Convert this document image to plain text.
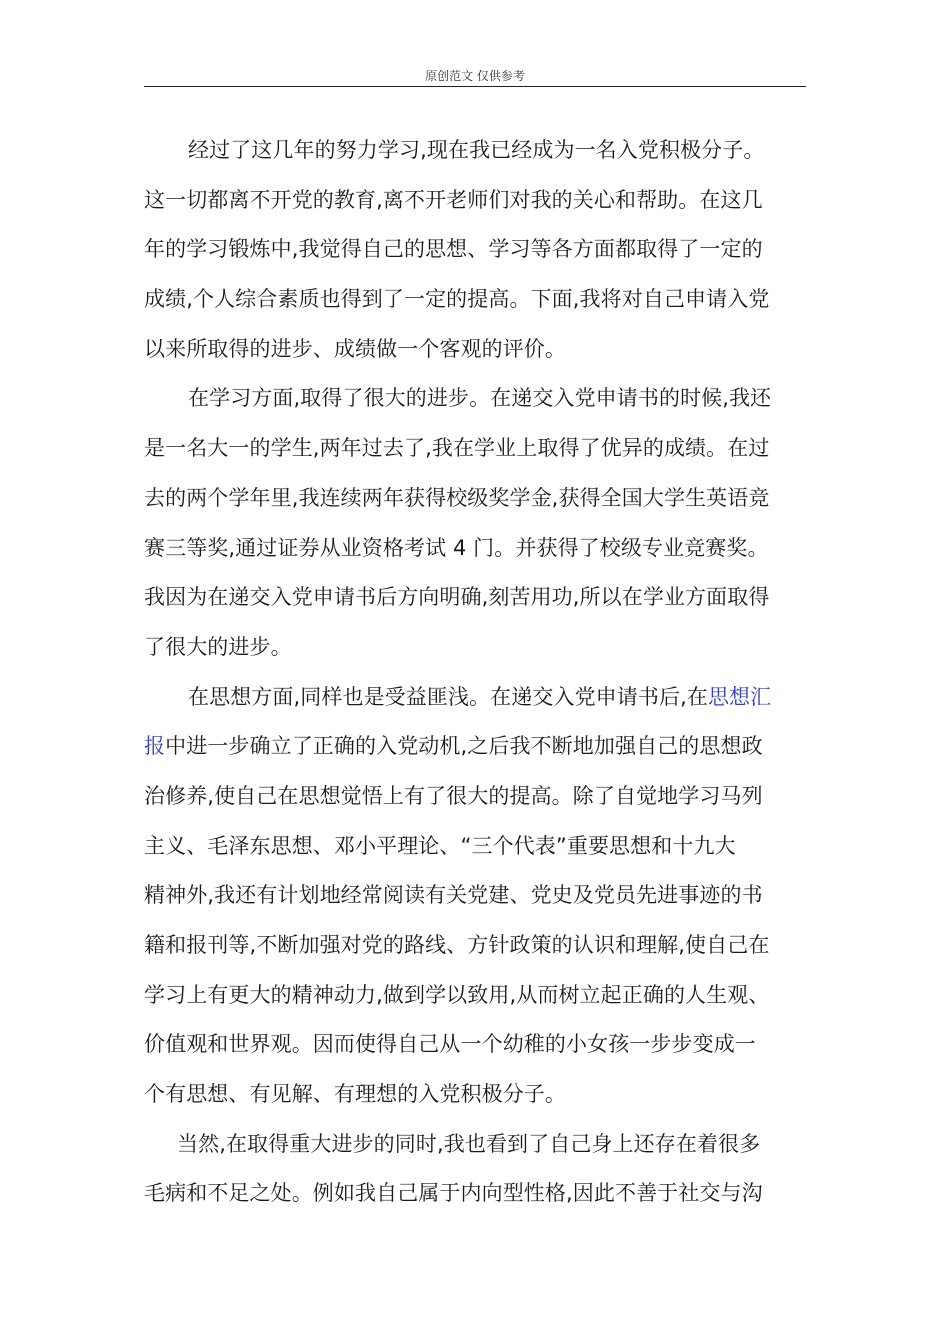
原创范文 仅供参考

经过了这几年的努力学习,现在我已经成为一名入党积极分子。
这一切都离不开党的教育,离不开老师们对我的关心和帮助。在这几
年的学习锻炼中,我觉得自己的思想、学习等各方面都取得了一定的
成绩,个人综合素质也得到了一定的提高。下面,我将对自己申请入党
以来所取得的进步、成绩做一个客观的评价。

在学习方面,取得了很大的进步。在递交入党申请书的时候,我还
是一名大一的学生,两年过去了,我在学业上取得了优异的成绩。在过
去的两个学年里,我连续两年获得校级奖学金,获得全国大学生英语竞
赛三等奖,通过证券从业资格考试 4 门。并获得了校级专业竞赛奖。
我因为在递交入党申请书后方向明确,刻苦用功,所以在学业方面取得
了很大的进步。

在思想方面,同样也是受益匪浅。在递交入党申请书后,在思想汇
报中进一步确立了正确的入党动机,之后我不断地加强自己的思想政
治修养,使自己在思想觉悟上有了很大的提高。除了自觉地学习马列
主义、毛泽东思想、邓小平理论、“三个代表”重要思想和十九大
精神外,我还有计划地经常阅读有关党建、党史及党员先进事迹的书
籍和报刊等,不断加强对党的路线、方针政策的认识和理解,使自己在
学习上有更大的精神动力,做到学以致用,从而树立起正确的人生观、
价值观和世界观。因而使得自己从一个幼稚的小女孩一步步变成一
个有思想、有见解、有理想的入党积极分子。

当然,在取得重大进步的同时,我也看到了自己身上还存在着很多
毛病和不足之处。例如我自己属于内向型性格,因此不善于社交与沟
